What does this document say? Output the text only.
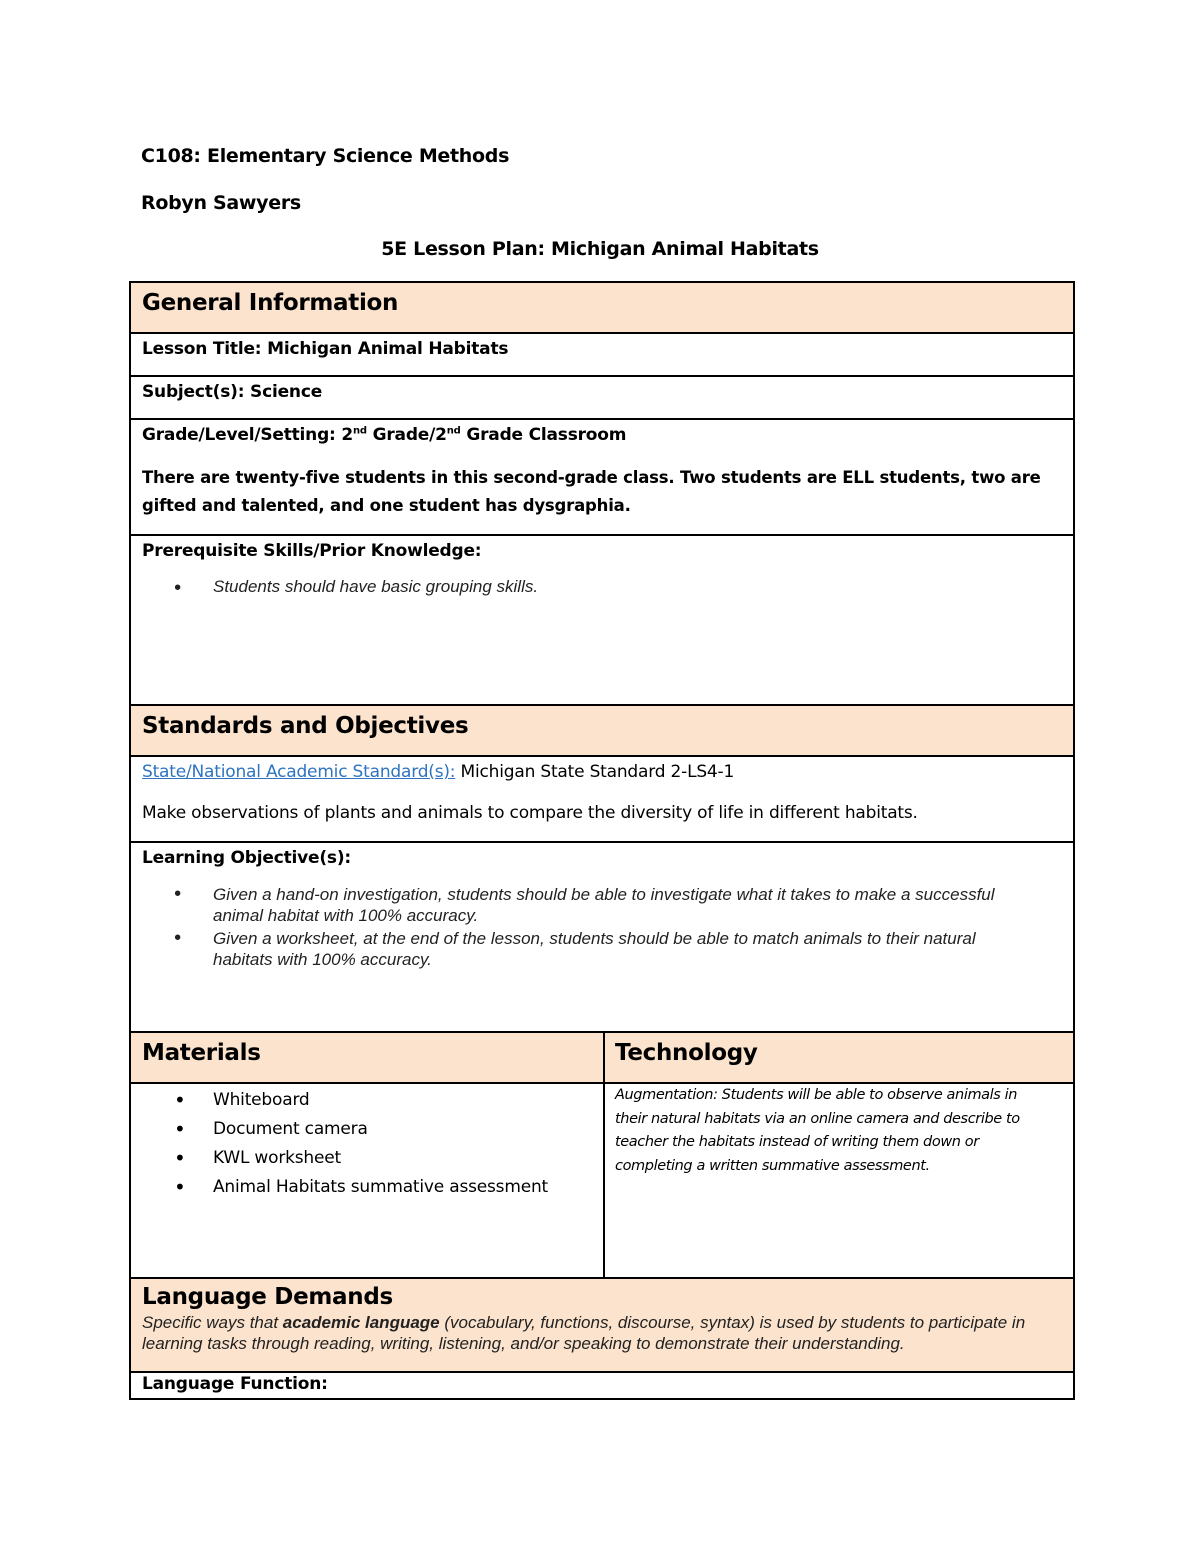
C108: Elementary Science Methods
Robyn Sawyers
5E Lesson Plan: Michigan Animal Habitats
General Information
Lesson Title: Michigan Animal Habitats
Subject(s): Science
Grade/Level/Setting: 2nd Grade/2nd Grade Classroom
There are twenty-five students in this second-grade class. Two students are ELL students, two are gifted and talented, and one student has dysgraphia.
Prerequisite Skills/Prior Knowledge:
• Students should have basic grouping skills.
Standards and Objectives
State/National Academic Standard(s): Michigan State Standard 2-LS4-1
Make observations of plants and animals to compare the diversity of life in different habitats.
Learning Objective(s):
• Given a hand-on investigation, students should be able to investigate what it takes to make a successful animal habitat with 100% accuracy.
• Given a worksheet, at the end of the lesson, students should be able to match animals to their natural habitats with 100% accuracy.
Materials	Technology
• Whiteboard
• Document camera
• KWL worksheet
• Animal Habitats summative assessment
Augmentation: Students will be able to observe animals in their natural habitats via an online camera and describe to teacher the habitats instead of writing them down or completing a written summative assessment.
Language Demands
Specific ways that academic language (vocabulary, functions, discourse, syntax) is used by students to participate in learning tasks through reading, writing, listening, and/or speaking to demonstrate their understanding.
Language Function:
